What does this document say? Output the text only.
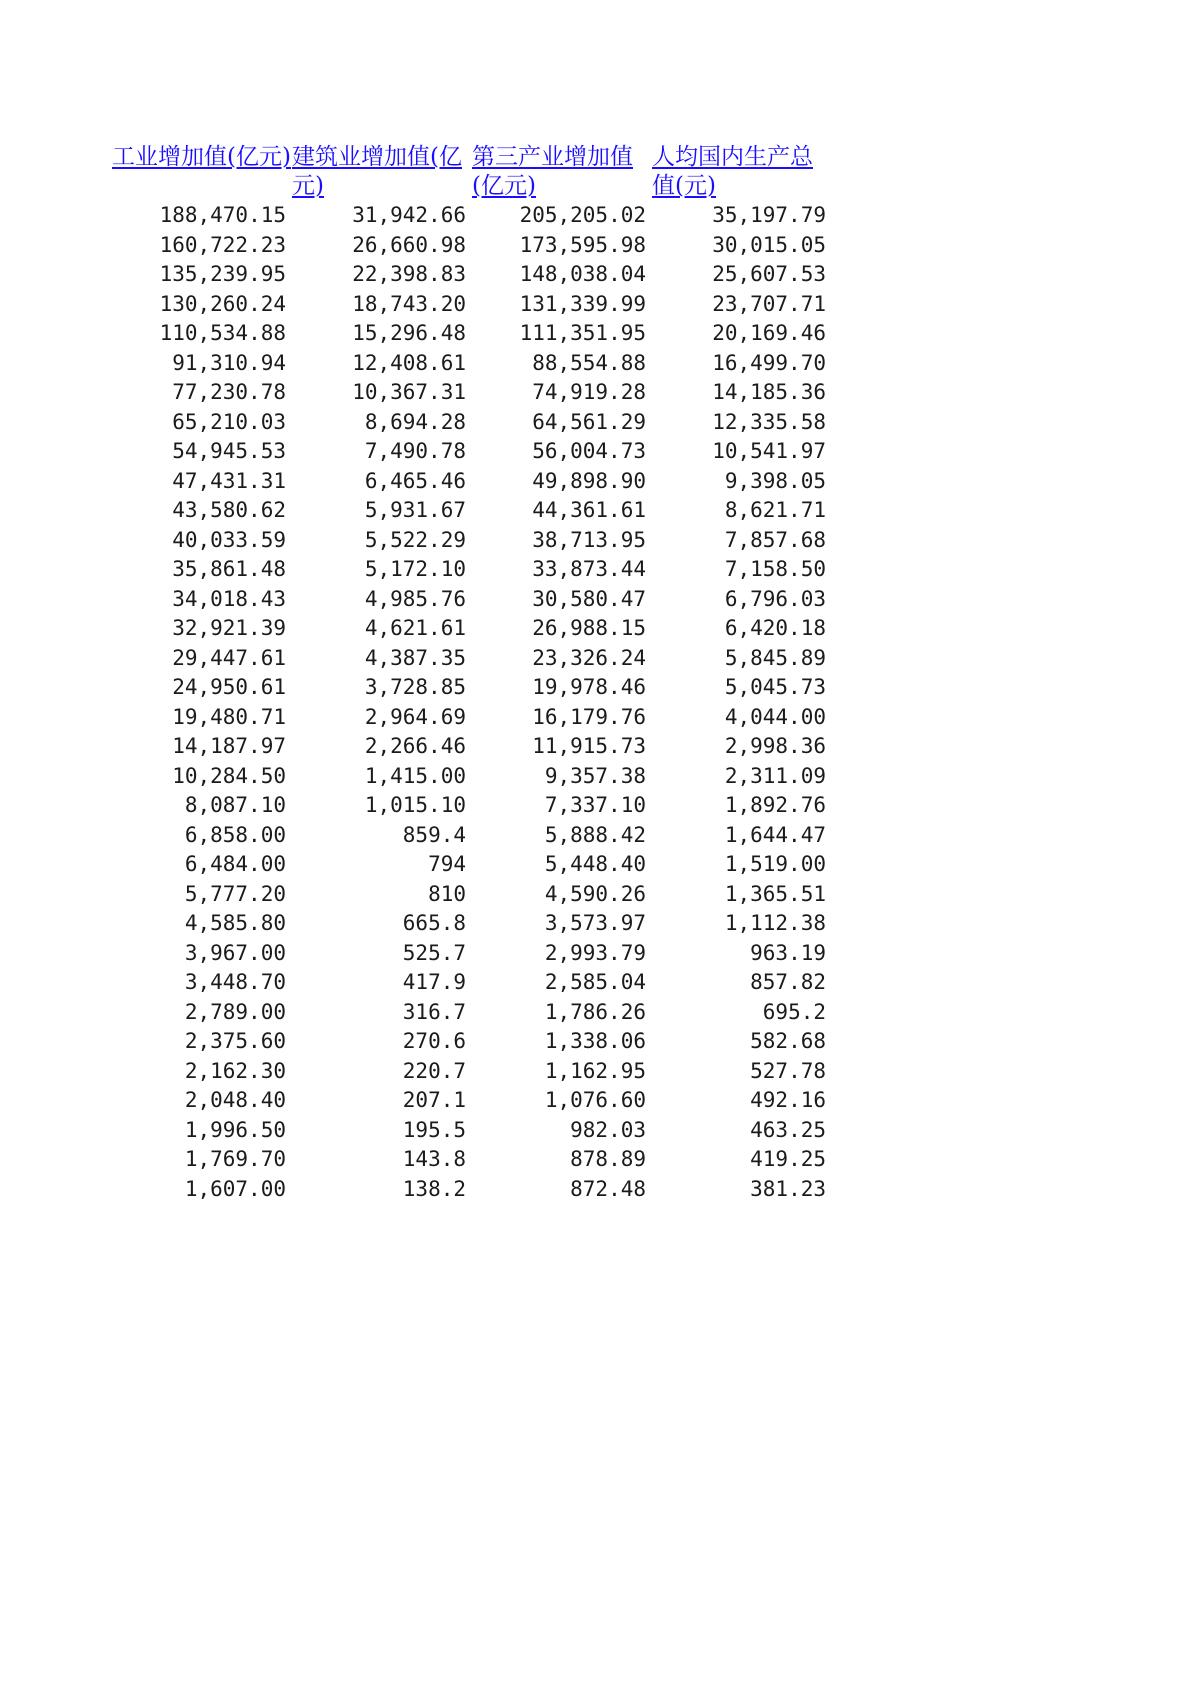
工业增加值(亿元)	建筑业增加值(亿元)	第三产业增加值(亿元)	人均国内生产总值(元)
188,470.15	31,942.66	205,205.02	35,197.79
160,722.23	26,660.98	173,595.98	30,015.05
135,239.95	22,398.83	148,038.04	25,607.53
130,260.24	18,743.20	131,339.99	23,707.71
110,534.88	15,296.48	111,351.95	20,169.46
91,310.94	12,408.61	88,554.88	16,499.70
77,230.78	10,367.31	74,919.28	14,185.36
65,210.03	8,694.28	64,561.29	12,335.58
54,945.53	7,490.78	56,004.73	10,541.97
47,431.31	6,465.46	49,898.90	9,398.05
43,580.62	5,931.67	44,361.61	8,621.71
40,033.59	5,522.29	38,713.95	7,857.68
35,861.48	5,172.10	33,873.44	7,158.50
34,018.43	4,985.76	30,580.47	6,796.03
32,921.39	4,621.61	26,988.15	6,420.18
29,447.61	4,387.35	23,326.24	5,845.89
24,950.61	3,728.85	19,978.46	5,045.73
19,480.71	2,964.69	16,179.76	4,044.00
14,187.97	2,266.46	11,915.73	2,998.36
10,284.50	1,415.00	9,357.38	2,311.09
8,087.10	1,015.10	7,337.10	1,892.76
6,858.00	859.4	5,888.42	1,644.47
6,484.00	794	5,448.40	1,519.00
5,777.20	810	4,590.26	1,365.51
4,585.80	665.8	3,573.97	1,112.38
3,967.00	525.7	2,993.79	963.19
3,448.70	417.9	2,585.04	857.82
2,789.00	316.7	1,786.26	695.2
2,375.60	270.6	1,338.06	582.68
2,162.30	220.7	1,162.95	527.78
2,048.40	207.1	1,076.60	492.16
1,996.50	195.5	982.03	463.25
1,769.70	143.8	878.89	419.25
1,607.00	138.2	872.48	381.23
